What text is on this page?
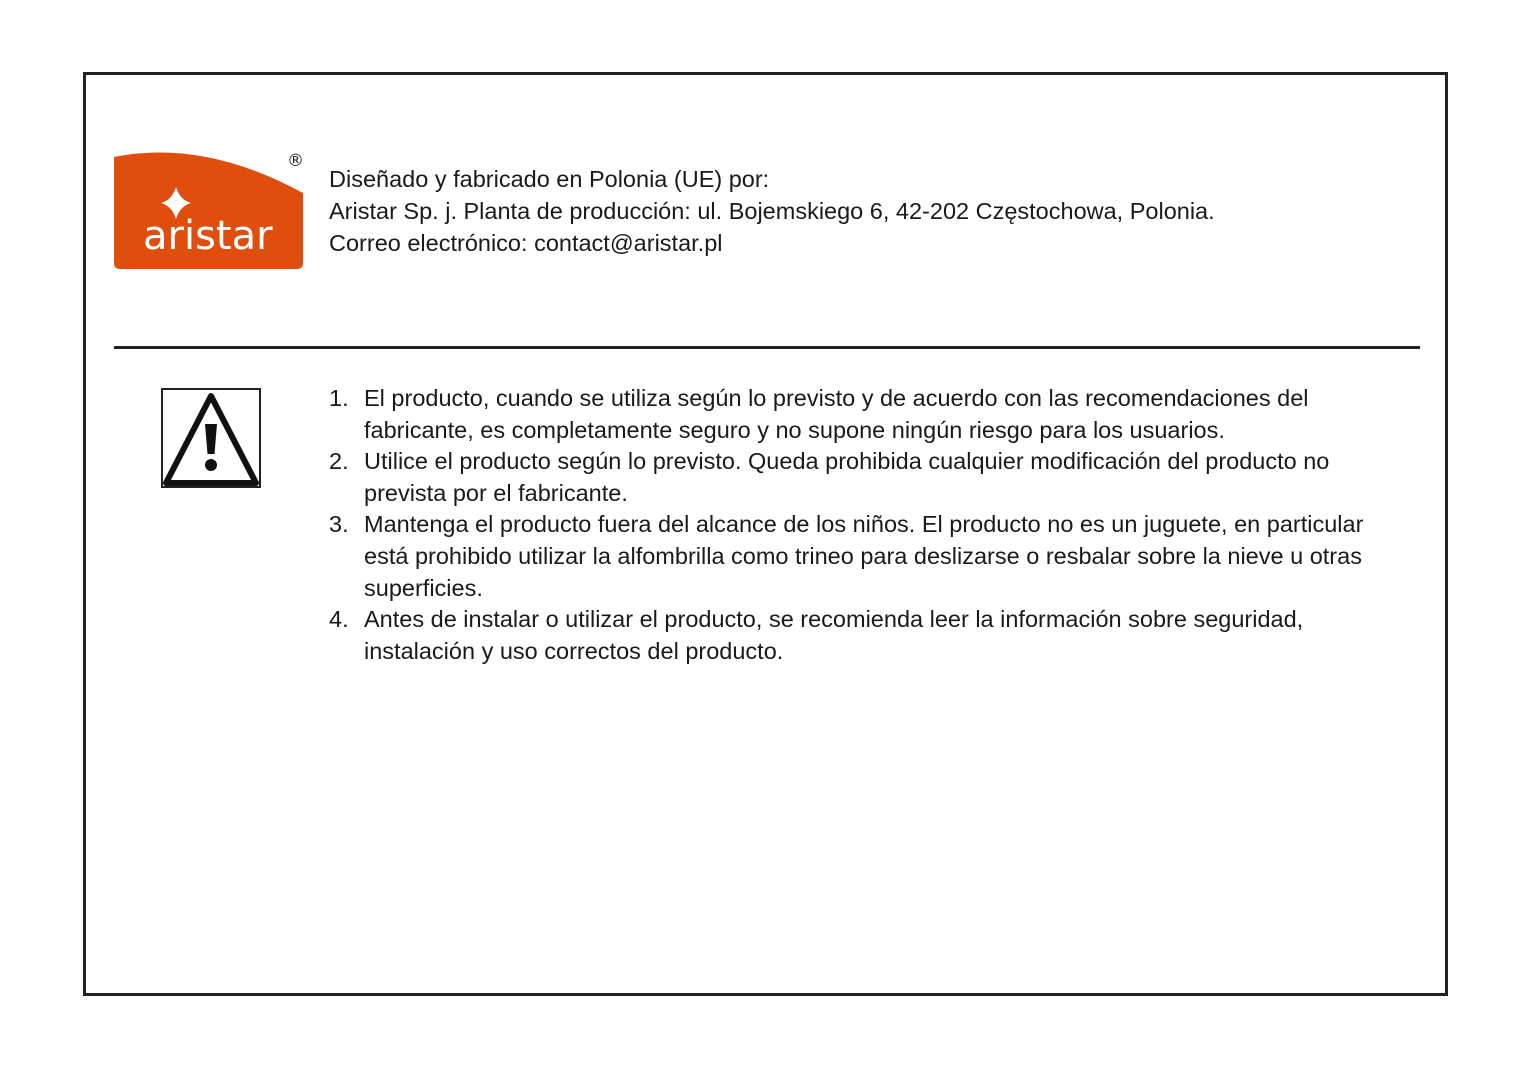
aristar
®
Diseñado y fabricado en Polonia (UE) por:
Aristar Sp. j. Planta de producción: ul. Bojemskiego 6, 42-202 Częstochowa, Polonia.
Correo electrónico: contact@aristar.pl
1. El producto, cuando se utiliza según lo previsto y de acuerdo con las recomendaciones del fabricante, es completamente seguro y no supone ningún riesgo para los usuarios.
2. Utilice el producto según lo previsto. Queda prohibida cualquier modificación del producto no prevista por el fabricante.
3. Mantenga el producto fuera del alcance de los niños. El producto no es un juguete, en particular está prohibido utilizar la alfombrilla como trineo para deslizarse o resbalar sobre la nieve u otras superficies.
4. Antes de instalar o utilizar el producto, se recomienda leer la información sobre seguridad, instalación y uso correctos del producto.
